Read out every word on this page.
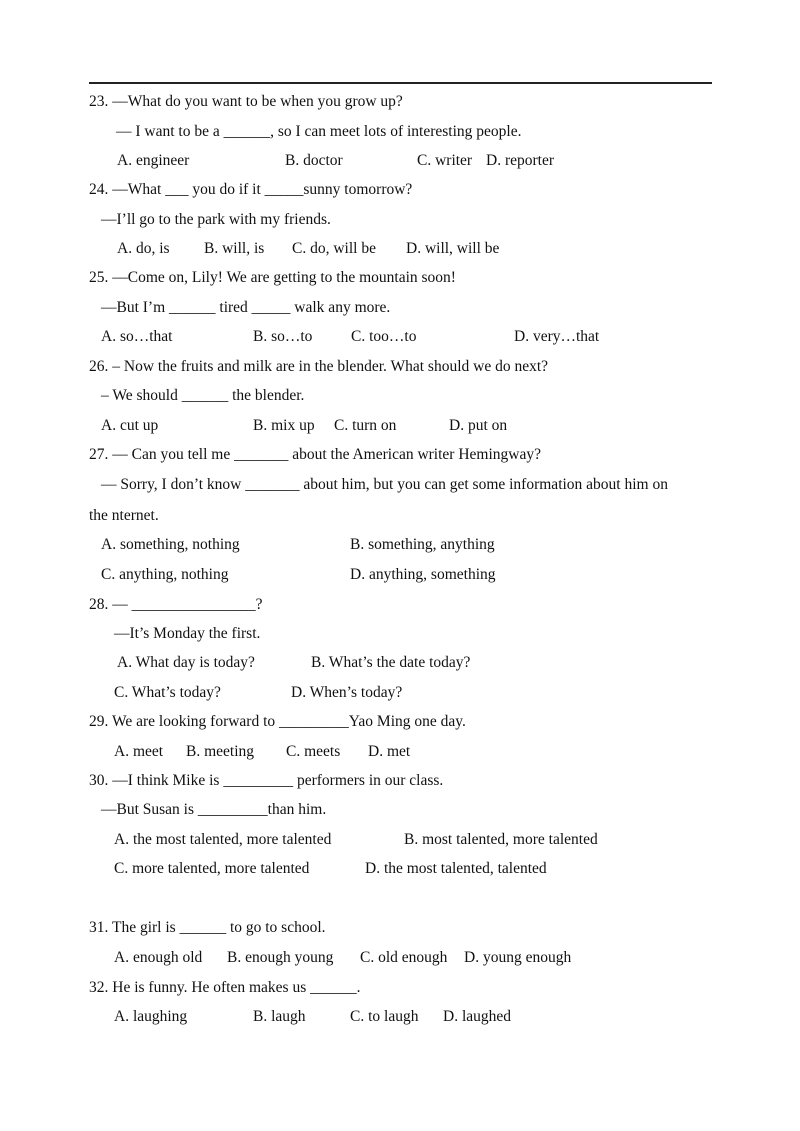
23. —What do you want to be when you grow up?
— I want to be a ______, so I can meet lots of interesting people.
A. engineer	B. doctor	C. writer D. reporter
24. —What ___ you do if it _____sunny tomorrow?
—I’ll go to the park with my friends.
A. do, is B. will, is C. do, will be D. will, will be
25. —Come on, Lily! We are getting to the mountain soon!
—But I’m ______ tired _____ walk any more.
A. so…that	B. so…to C. too…to	D. very…that
26. – Now the fruits and milk are in the blender. What should we do next?
– We should ______ the blender.
A. cut up	B. mix up C. turn on	D. put on
27. — Can you tell me _______ about the American writer Hemingway?
— Sorry, I don’t know _______ about him, but you can get some information about him on
the nternet.
A. something, nothing	B. something, anything
C. anything, nothing	D. anything, something
28. — ________________?
—It’s Monday the first.
A. What day is today?	B. What’s the date today?
C. What’s today?	D. When’s today?
29. We are looking forward to _________Yao Ming one day.
A. meet B. meeting C. meets D. met
30. —I think Mike is _________ performers in our class.
—But Susan is _________than him.
A. the most talented, more talented	B. most talented, more talented
C. more talented, more talented	D. the most talented, talented
31. The girl is ______ to go to school.
A. enough old B. enough young C. old enough D. young enough
32. He is funny. He often makes us ______.
A. laughing	B. laugh	C. to laugh D. laughed
